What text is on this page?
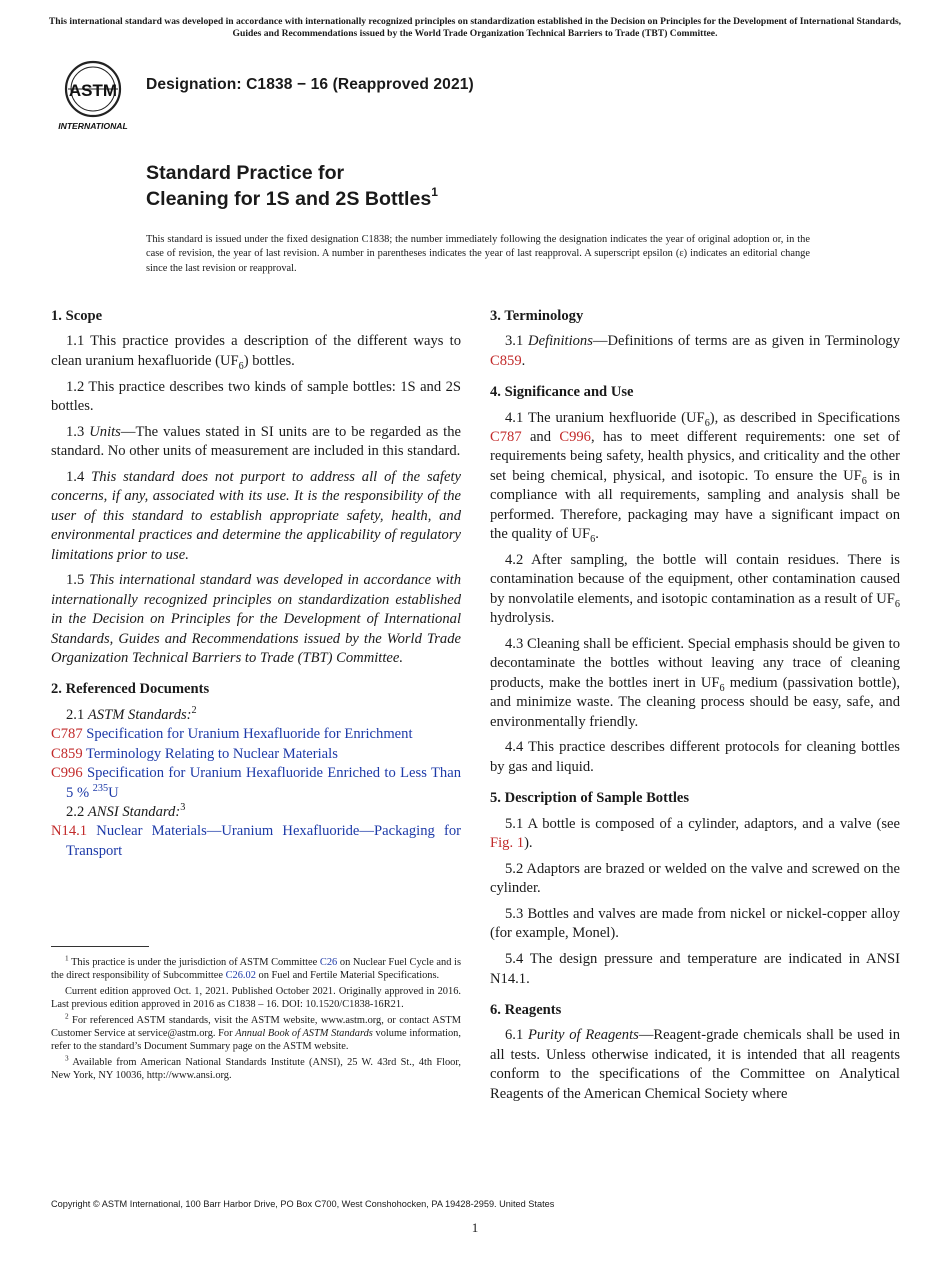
This international standard was developed in accordance with internationally recognized principles on standardization established in the Decision on Principles for the Development of International Standards, Guides and Recommendations issued by the World Trade Organization Technical Barriers to Trade (TBT) Committee.
ASTM
INTERNATIONAL
Designation: C1838 − 16 (Reapproved 2021)
Standard Practice for
Cleaning for 1S and 2S Bottles$^1$
This standard is issued under the fixed designation C1838; the number immediately following the designation indicates the year of original adoption or, in the case of revision, the year of last revision. A number in parentheses indicates the year of last reapproval. A superscript epsilon (ε) indicates an editorial change since the last revision or reapproval.
1. Scope

1.1 This practice provides a description of the different ways to clean uranium hexafluoride $(UF_6)$ bottles.

1.2 This practice describes two kinds of sample bottles: 1S and 2S bottles.

1.3 Units—The values stated in SI units are to be regarded as the standard. No other units of measurement are included in this standard.

1.4 This standard does not purport to address all of the safety concerns, if any, associated with its use. It is the responsibility of the user of this standard to establish appropriate safety, health, and environmental practices and determine the applicability of regulatory limitations prior to use.

1.5 This international standard was developed in accordance with internationally recognized principles on standardization established in the Decision on Principles for the Development of International Standards, Guides and Recommendations issued by the World Trade Organization Technical Barriers to Trade (TBT) Committee.

2. Referenced Documents

2.1 ASTM Standards:$^2$

C787 Specification for Uranium Hexafluoride for Enrichment

C859 Terminology Relating to Nuclear Materials

C996 Specification for Uranium Hexafluoride Enriched to Less Than 5 % $^{235}$U

2.2 ANSI Standard:$^3$

N14.1 Nuclear Materials—Uranium Hexafluoride—Packaging for Transport

3. Terminology

3.1 Definitions—Definitions of terms are as given in Terminology C859.

4. Significance and Use

4.1 The uranium hexfluoride $(UF_6)$, as described in Specifications C787 and C996, has to meet different requirements: one set of requirements being safety, health physics, and criticality and the other set being chemical, physical, and isotopic. To ensure the $UF_6$ is in compliance with all requirements, sampling and analysis shall be performed. Therefore, packaging may have a significant impact on the quality of $UF_6$.

4.2 After sampling, the bottle will contain residues. There is contamination because of the equipment, other contamination caused by nonvolatile elements, and isotopic contamination as a result of $UF_6$ hydrolysis.

4.3 Cleaning shall be efficient. Special emphasis should be given to decontaminate the bottles without leaving any trace of cleaning products, make the bottles inert in $UF_6$ medium (passivation bottle), and minimize waste. The cleaning process should be easy, safe, and environmentally friendly.

4.4 This practice describes different protocols for cleaning bottles by gas and liquid.

5. Description of Sample Bottles

5.1 A bottle is composed of a cylinder, adaptors, and a valve (see Fig. 1).

5.2 Adaptors are brazed or welded on the valve and screwed on the cylinder.

5.3 Bottles and valves are made from nickel or nickel-copper alloy (for example, Monel).

5.4 The design pressure and temperature are indicated in ANSI N14.1.

6. Reagents

6.1 Purity of Reagents—Reagent-grade chemicals shall be used in all tests. Unless otherwise indicated, it is intended that all reagents conform to the specifications of the Committee on Analytical Reagents of the American Chemical Society where

$^1$ This practice is under the jurisdiction of ASTM Committee C26 on Nuclear Fuel Cycle and is the direct responsibility of Subcommittee C26.02 on Fuel and Fertile Material Specifications.

Current edition approved Oct. 1, 2021. Published October 2021. Originally approved in 2016. Last previous edition approved in 2016 as C1838 – 16. DOI: 10.1520/C1838-16R21.

$^2$ For referenced ASTM standards, visit the ASTM website, www.astm.org, or contact ASTM Customer Service at service@astm.org. For Annual Book of ASTM Standards volume information, refer to the standard’s Document Summary page on the ASTM website.

$^3$ Available from American National Standards Institute (ANSI), 25 W. 43rd St., 4th Floor, New York, NY 10036, http://www.ansi.org.

Copyright © ASTM International, 100 Barr Harbor Drive, PO Box C700, West Conshohocken, PA 19428-2959. United States
1
